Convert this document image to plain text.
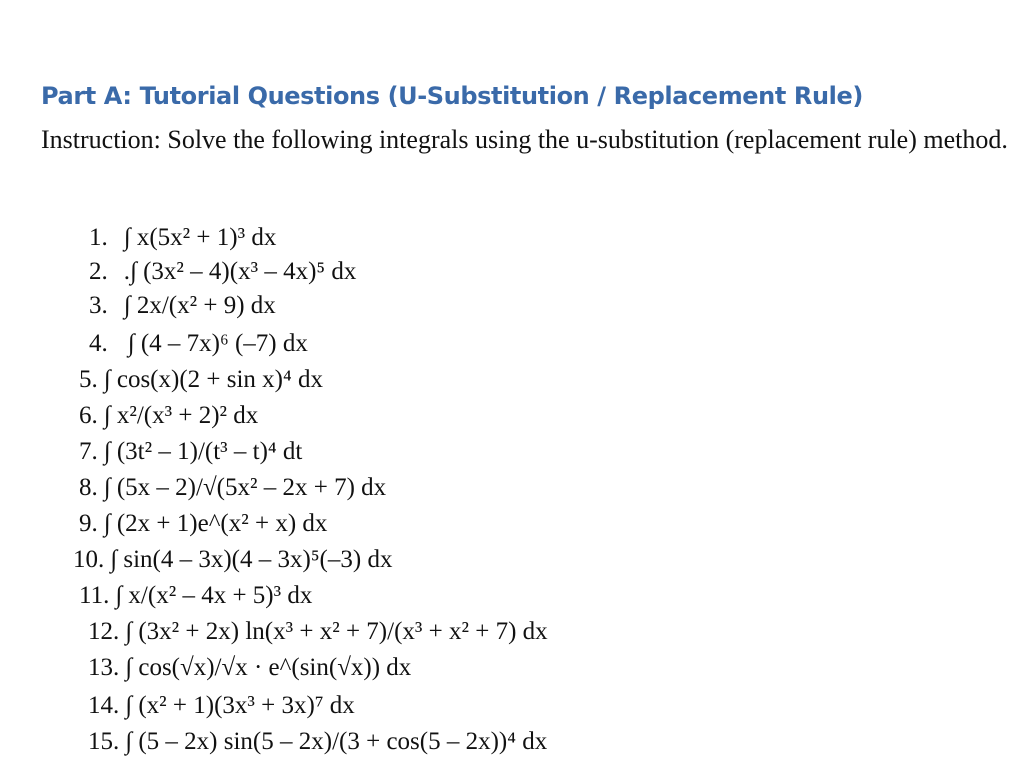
Part A: Tutorial Questions (U-Substitution / Replacement Rule)
Instruction: Solve the following integrals using the u-substitution (replacement rule) method.
1. ∫ x(5x² + 1)³ dx
2. .∫ (3x² – 4)(x³ – 4x)⁵ dx
3. ∫ 2x/(x² + 9) dx
4. ∫ (4 – 7x)⁶ (–7) dx
5. ∫ cos(x)(2 + sin x)⁴ dx
6. ∫ x²/(x³ + 2)² dx
7. ∫ (3t² – 1)/(t³ – t)⁴ dt
8. ∫ (5x – 2)/√(5x² – 2x + 7) dx
9. ∫ (2x + 1)e^(x² + x) dx
10. ∫ sin(4 – 3x)(4 – 3x)⁵(–3) dx
11. ∫ x/(x² – 4x + 5)³ dx
12. ∫ (3x² + 2x) ln(x³ + x² + 7)/(x³ + x² + 7) dx
13. ∫ cos(√x)/√x · e^(sin(√x)) dx
14. ∫ (x² + 1)(3x³ + 3x)⁷ dx
15. ∫ (5 – 2x) sin(5 – 2x)/(3 + cos(5 – 2x))⁴ dx
